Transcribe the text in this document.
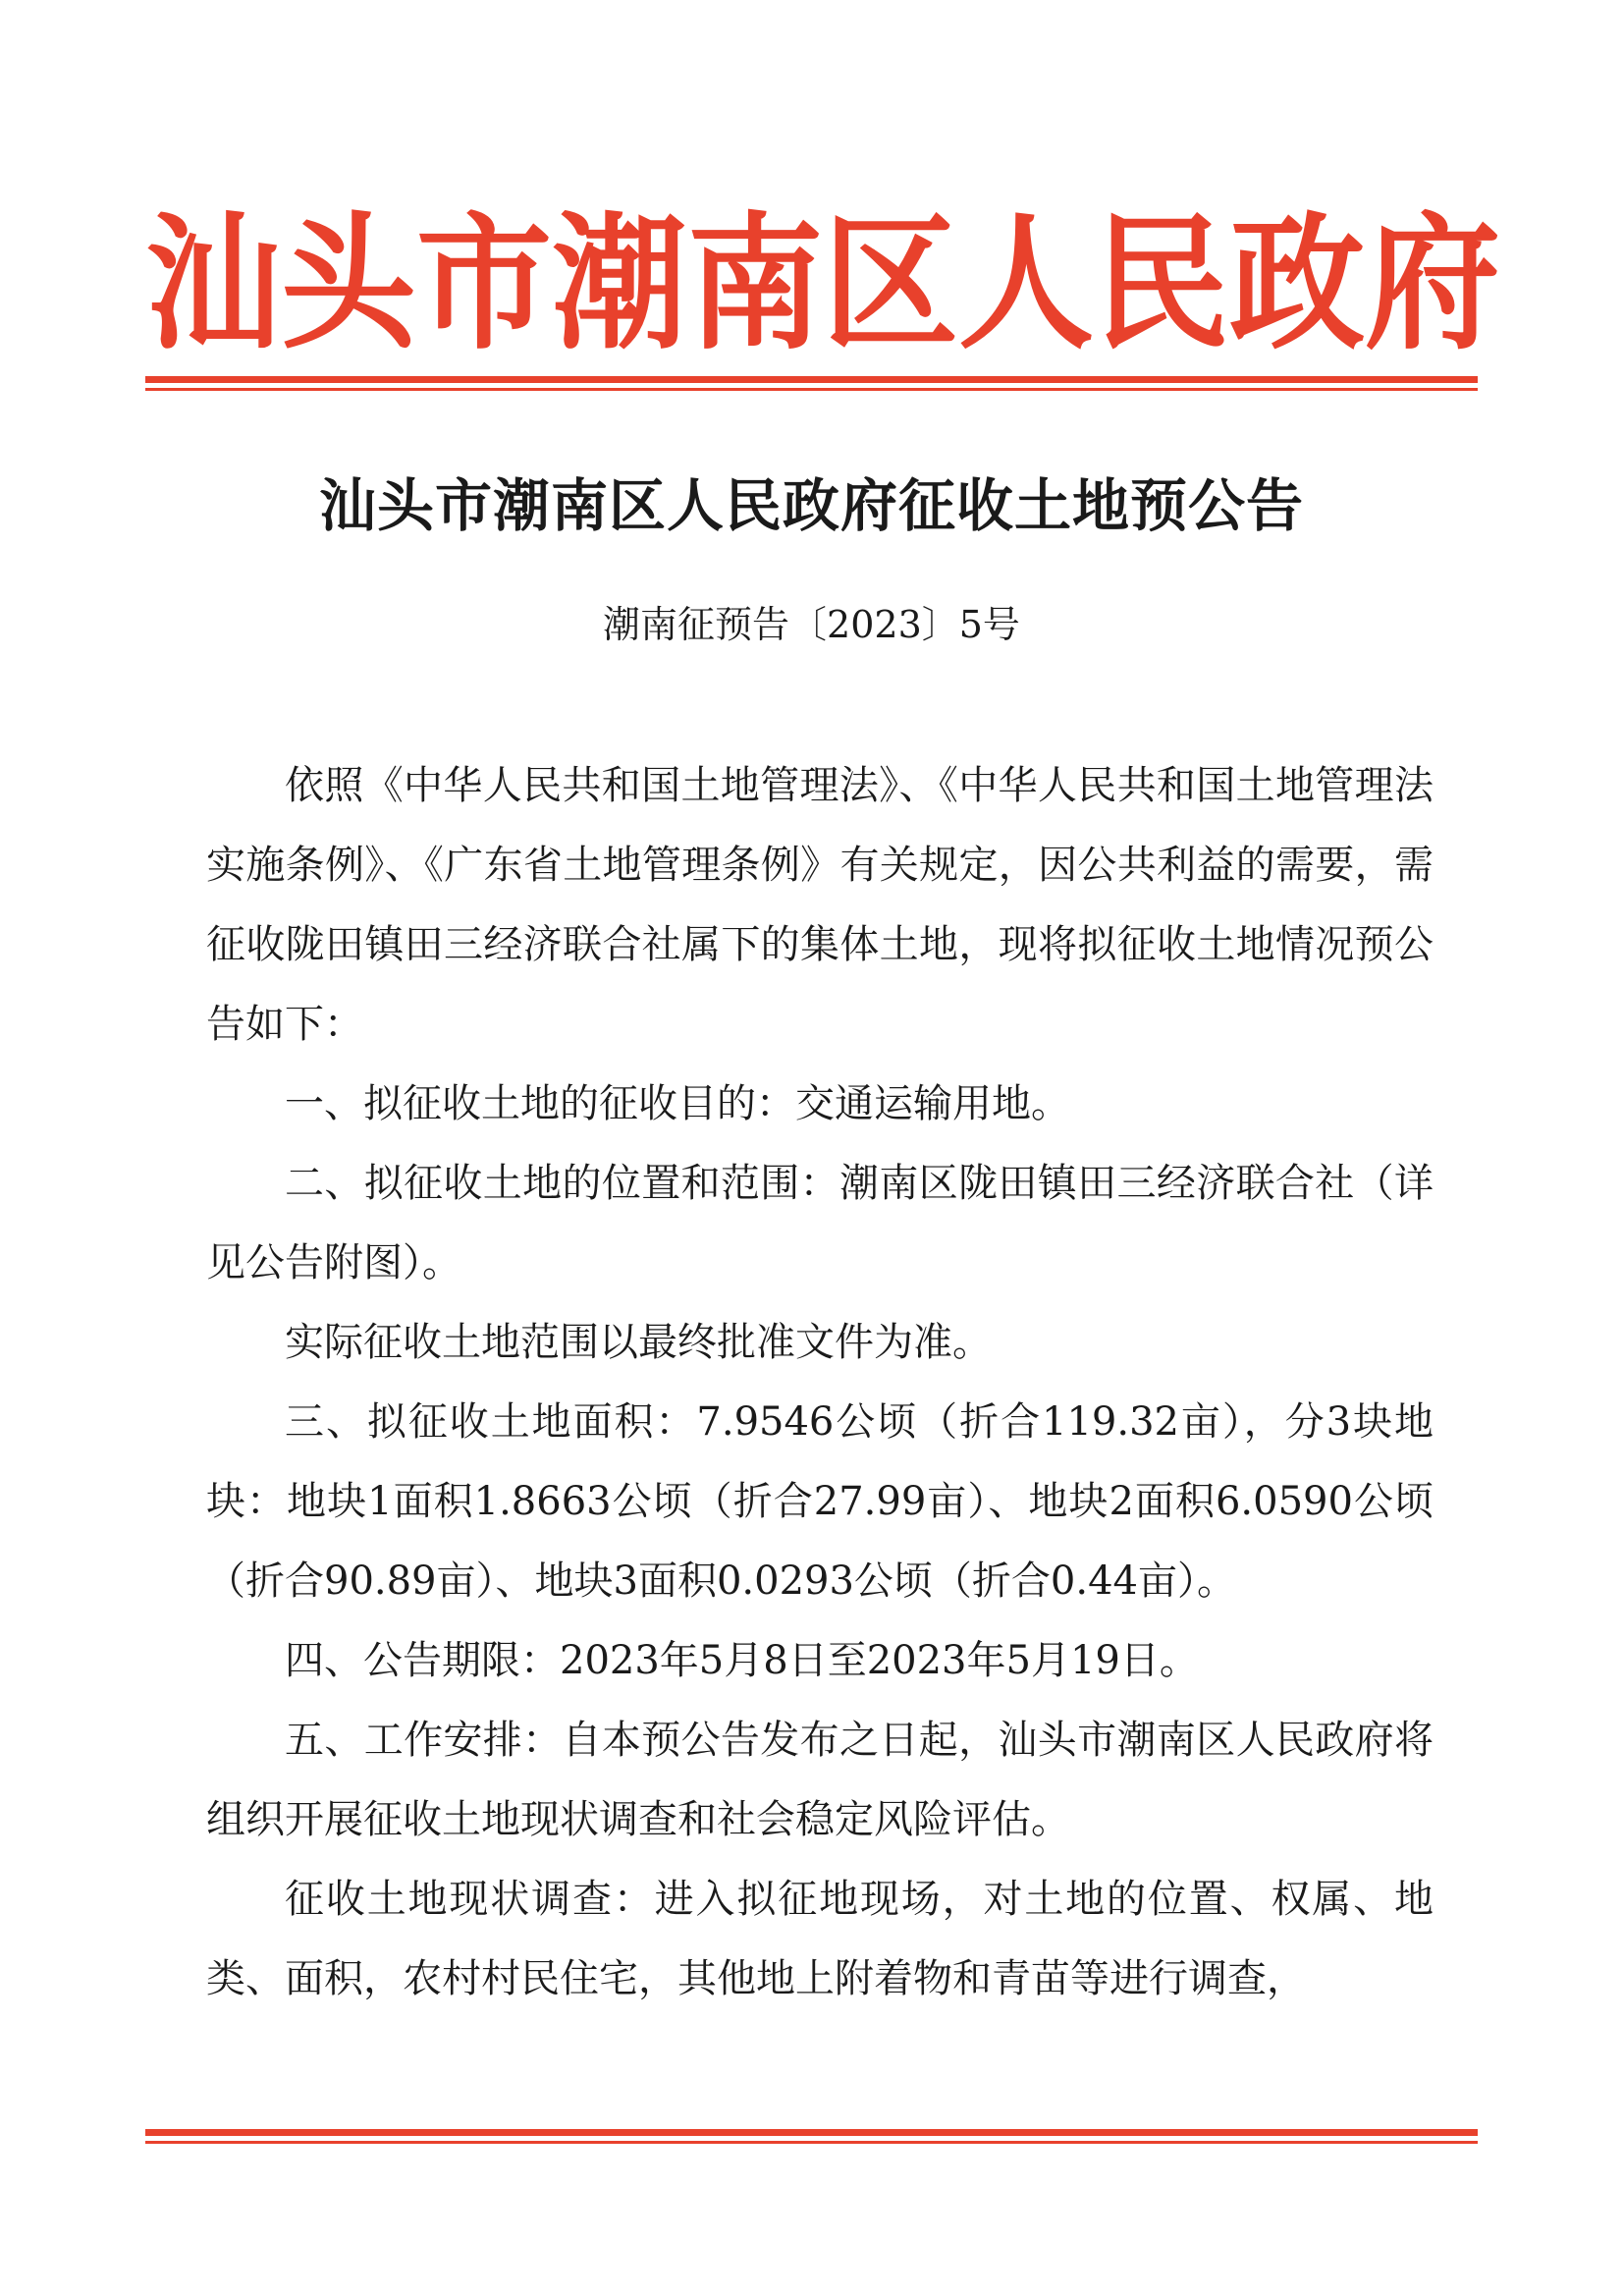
汕 头 市 潮 南 区 人 民 政 府
汕头市潮南区人民政府征收土地预公告
潮南征预告〔2023〕5号

依照《中华人民共和国土地管理法》、《中华人民共和国土地管理法实施条例》、《广东省土地管理条例》有关规定，因公共利益的需要，需征收陇田镇田三经济联合社属下的集体土地，现将拟征收土地情况预公告如下：

一、拟征收土地的征收目的：交通运输用地。

二、拟征收土地的位置和范围：潮南区陇田镇田三经济联合社（详见公告附图）。

实际征收土地范围以最终批准文件为准。

三、拟征收土地面积：7.9546公顷（折合119.32亩），分3块地块：地块1面积1.8663公顷（折合27.99亩）、地块2面积6.0590公顷（折合90.89亩）、地块3面积0.0293公顷（折合0.44亩）。

四、公告期限：2023年5月8日至2023年5月19日。

五、工作安排：自本预公告发布之日起，汕头市潮南区人民政府将组织开展征收土地现状调查和社会稳定风险评估。

征收土地现状调查：进入拟征地现场，对土地的位置、权属、地类、面积，农村村民住宅，其他地上附着物和青苗等进行调查，
